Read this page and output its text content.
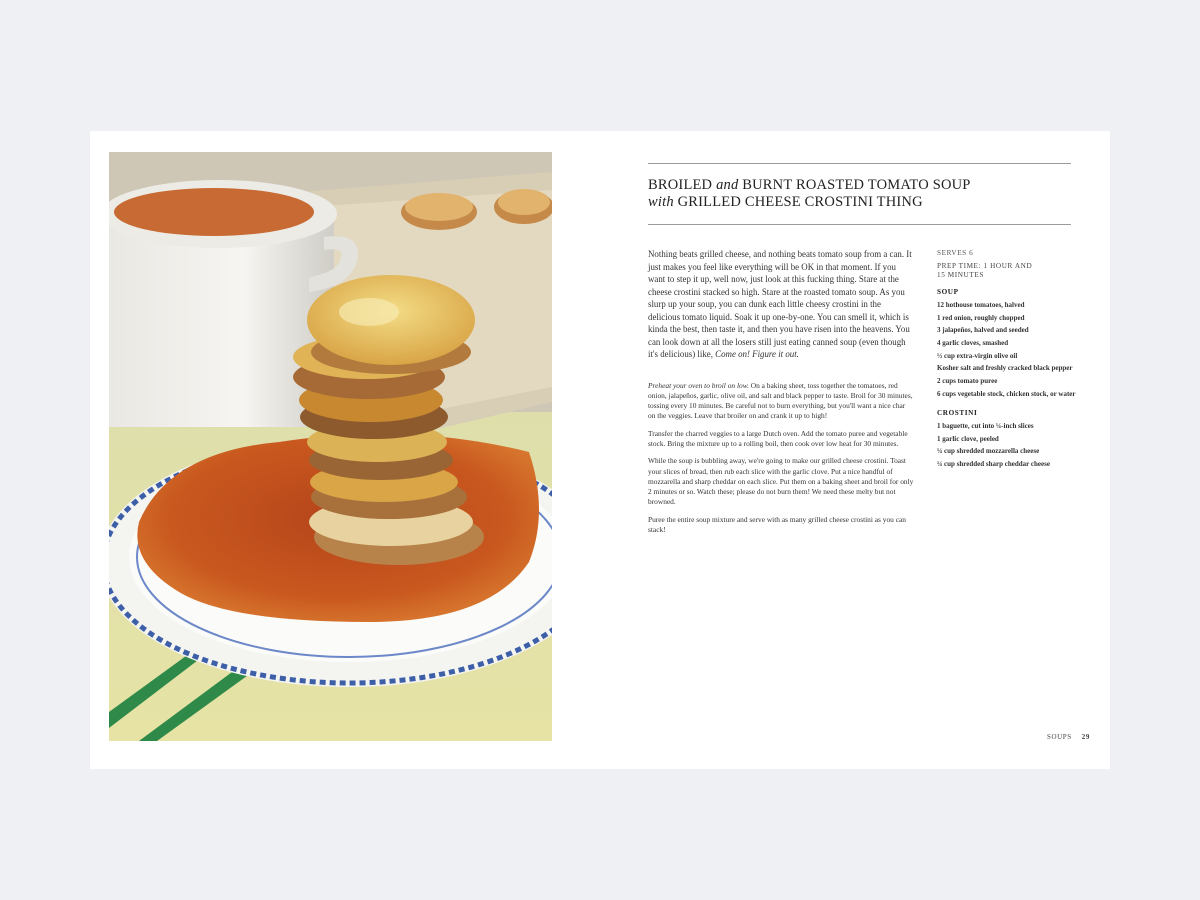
BROILED and BURNT ROASTED TOMATO SOUP
with GRILLED CHEESE CROSTINI THING

Nothing beats grilled cheese, and nothing beats tomato soup from a can. It just makes you feel like everything will be OK in that moment. If you want to step it up, well now, just look at this fucking thing. Stare at the cheese crostini stacked so high. Stare at the roasted tomato soup. As you slurp up your soup, you can dunk each little cheesy crostini in the delicious tomato liquid. Soak it up one-by-one. You can smell it, which is kinda the best, then taste it, and then you have risen into the heavens. You can look down at all the losers still just eating canned soup (even though it's delicious) like, Come on! Figure it out.

Preheat your oven to broil on low. On a baking sheet, toss together the tomatoes, red onion, jalapeños, garlic, olive oil, and salt and black pepper to taste. Broil for 30 minutes, tossing every 10 minutes. Be careful not to burn everything, but you'll want a nice char on the veggies. Leave that broiler on and crank it up to high!

Transfer the charred veggies to a large Dutch oven. Add the tomato puree and vegetable stock. Bring the mixture up to a rolling boil, then cook over low heat for 30 minutes.

While the soup is bubbling away, we're going to make our grilled cheese crostini. Toast your slices of bread, then rub each slice with the garlic clove. Put a nice handful of mozzarella and sharp cheddar on each slice. Put them on a baking sheet and broil for only 2 minutes or so. Watch these; please do not burn them! We need these melty but not browned.

Puree the entire soup mixture and serve with as many grilled cheese crostini as you can stack!

SERVES 6
PREP TIME: 1 HOUR AND
15 MINUTES
SOUP
12 hothouse tomatoes, halved
1 red onion, roughly chopped
3 jalapeños, halved and seeded
4 garlic cloves, smashed
½ cup extra-virgin olive oil
Kosher salt and freshly cracked black pepper
2 cups tomato puree
6 cups vegetable stock, chicken stock, or water
CROSTINI
1 baguette, cut into ¼-inch slices
1 garlic clove, peeled
¼ cup shredded mozzarella cheese
¼ cup shredded sharp cheddar cheese
SOUPS 29
